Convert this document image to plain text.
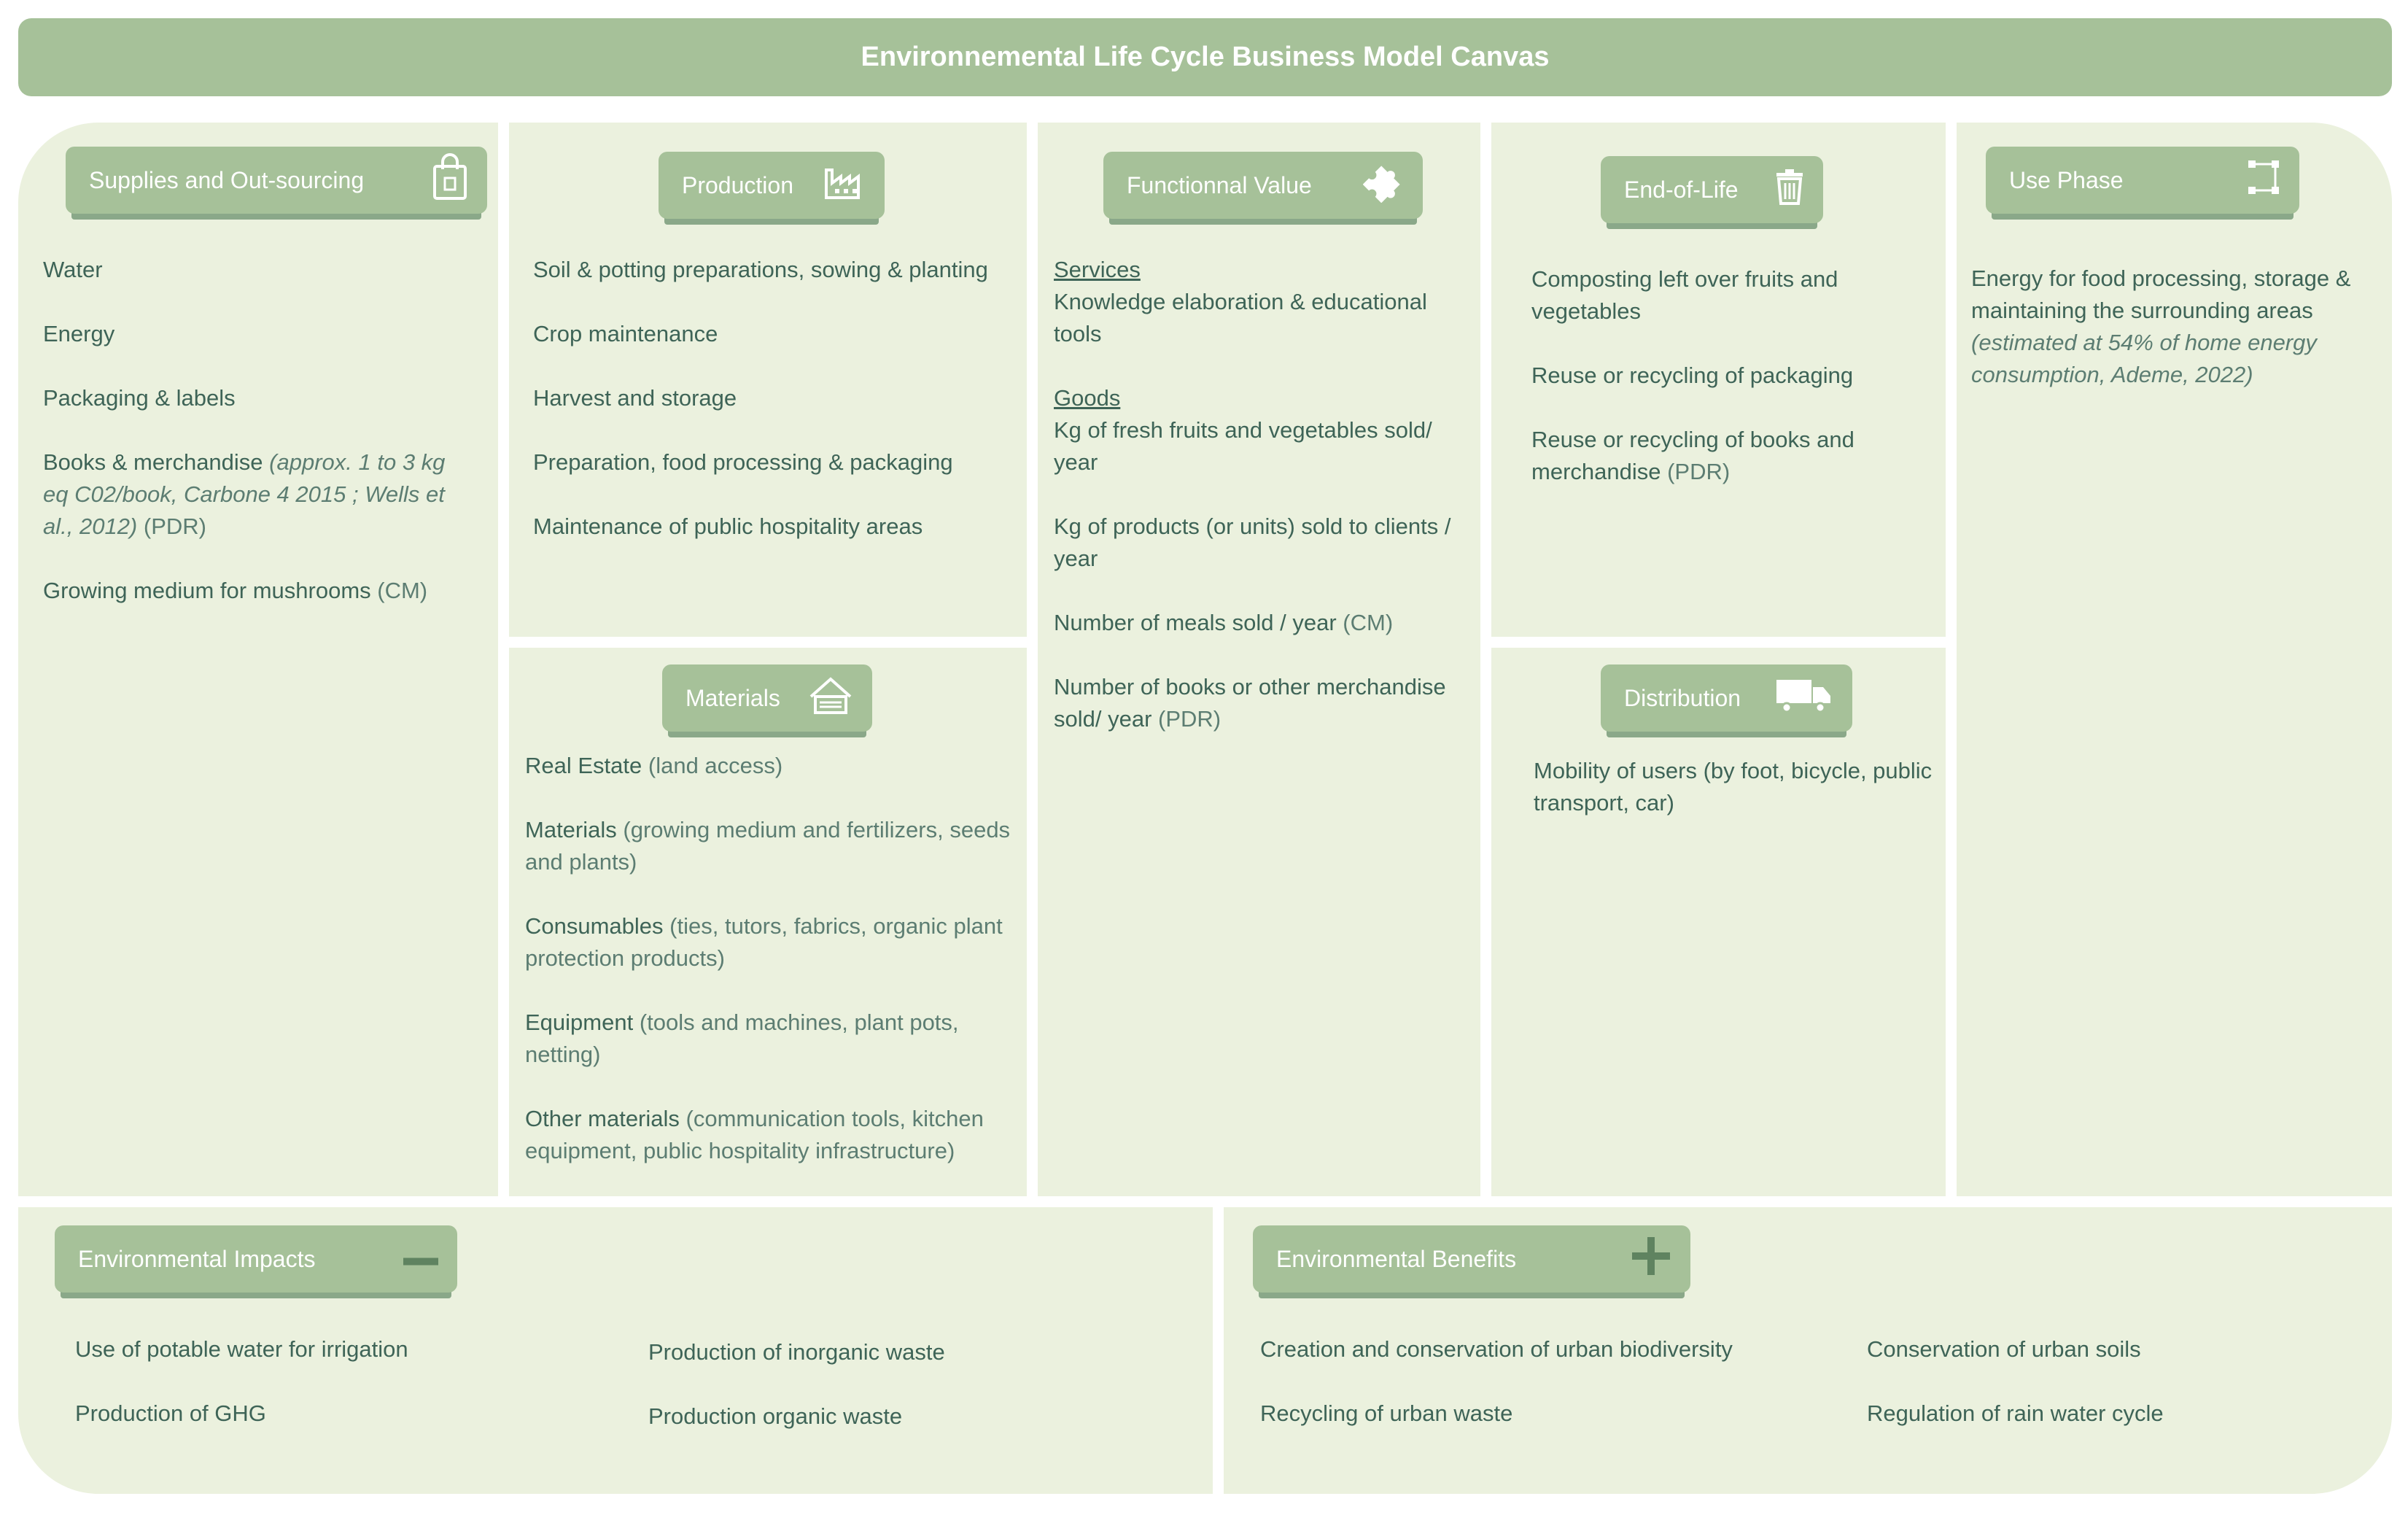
Environnemental Life Cycle Business Model Canvas
Supplies and Out-sourcing

Water

Energy

Packaging & labels

Books & merchandise (approx. 1 to 3 kg eq C02/book, Carbone 4 2015 ; Wells et al., 2012) (PDR)

Growing medium for mushrooms (CM)

Production

Soil & potting preparations, sowing & planting

Crop maintenance

Harvest and storage

Preparation, food processing & packaging

Maintenance of public hospitality areas

Materials

Real Estate (land access)

Materials (growing medium and fertilizers, seeds and plants)

Consumables (ties, tutors, fabrics, organic plant protection products)

Equipment (tools and machines, plant pots, netting)

Other materials (communication tools, kitchen equipment, public hospitality infrastructure)

Functionnal Value

Services

Knowledge elaboration & educational tools

Goods

Kg of fresh fruits and vegetables sold/ year

Kg of products (or units) sold to clients / year

Number of meals sold / year (CM)

Number of books or other merchandise sold/ year (PDR)

End-of-Life

Composting left over fruits and vegetables

Reuse or recycling of packaging

Reuse or recycling of books and merchandise (PDR)

Distribution

Mobility of users (by foot, bicycle, public transport, car)

Use Phase

Energy for food processing, storage & maintaining the surrounding areas (estimated at 54% of home energy consumption, Ademe, 2022)

Environmental Impacts

Use of potable water for irrigation

Production of GHG

Production of inorganic waste

Production organic waste

Environmental Benefits

Creation and conservation of urban biodiversity

Recycling of urban waste

Conservation of urban soils

Regulation of rain water cycle
